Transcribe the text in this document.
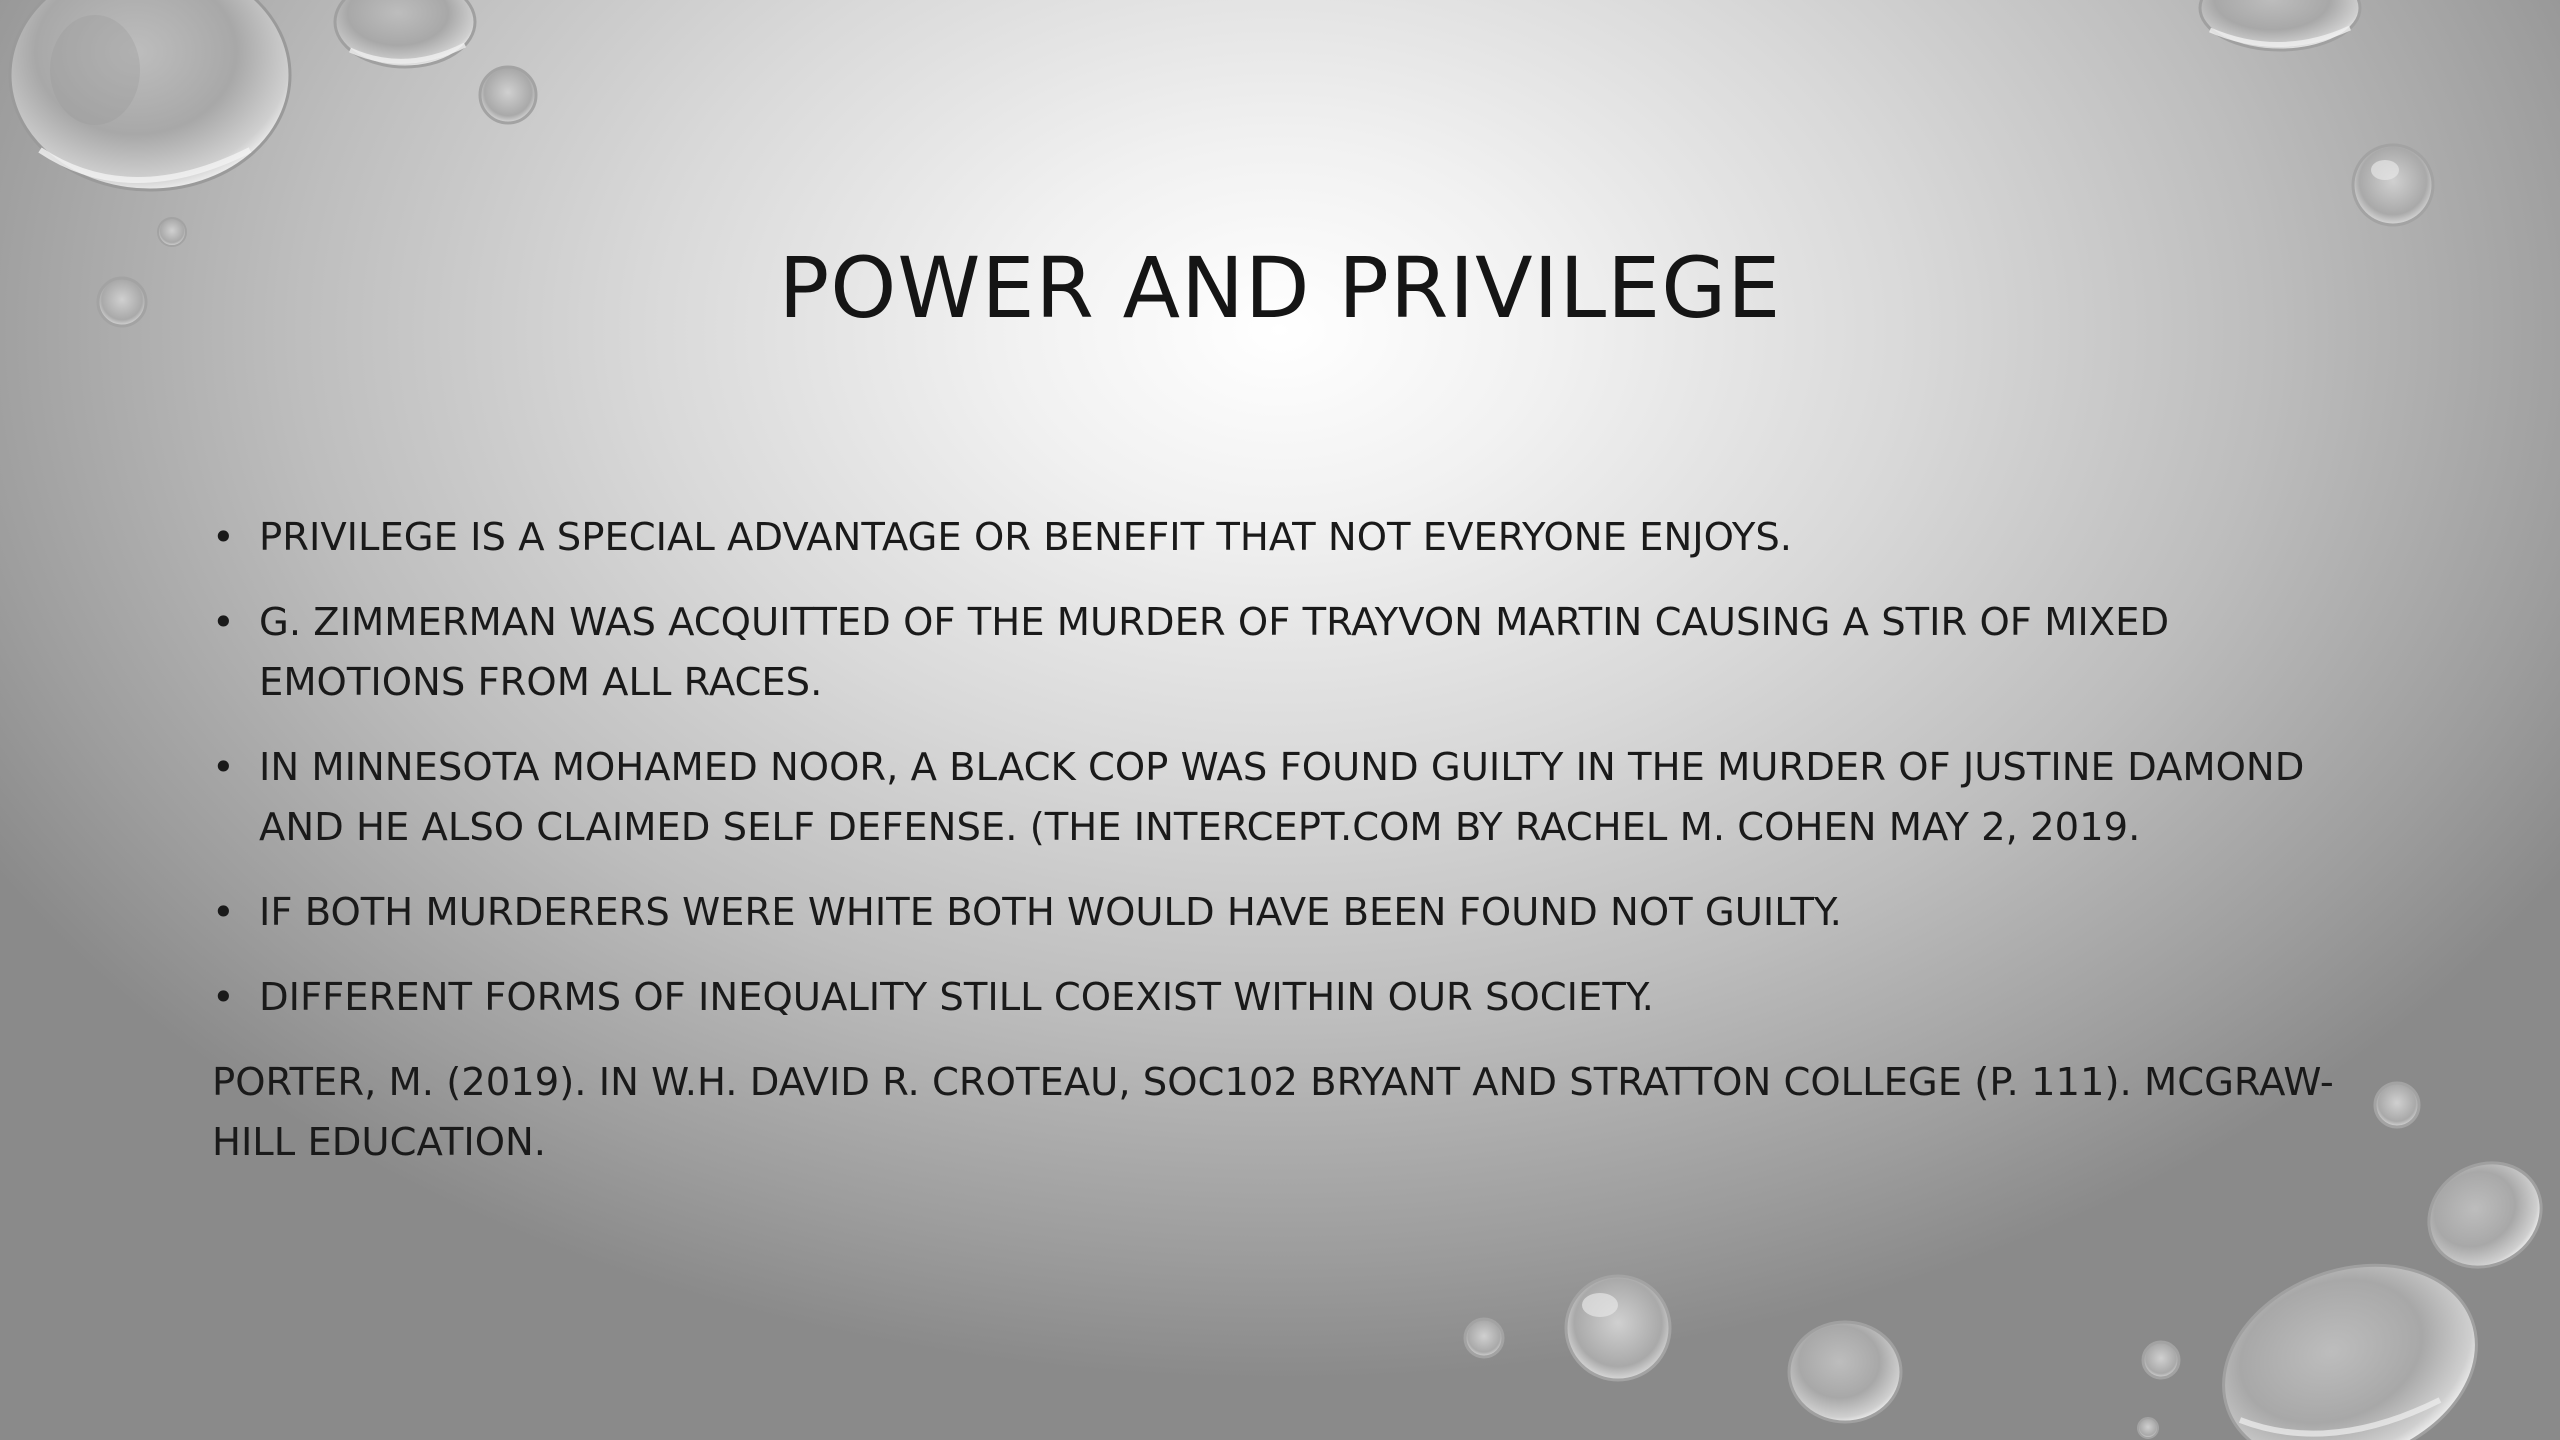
POWER AND PRIVILEGE
• PRIVILEGE IS A SPECIAL ADVANTAGE OR BENEFIT THAT NOT EVERYONE ENJOYS.
• G. ZIMMERMAN WAS ACQUITTED OF THE MURDER OF TRAYVON MARTIN CAUSING A STIR OF MIXED EMOTIONS FROM ALL RACES.
• IN MINNESOTA MOHAMED NOOR, A BLACK COP WAS FOUND GUILTY IN THE MURDER OF JUSTINE DAMOND AND HE ALSO CLAIMED SELF DEFENSE. (THE INTERCEPT.COM BY RACHEL M. COHEN MAY 2, 2019.
• IF BOTH MURDERERS WERE WHITE BOTH WOULD HAVE BEEN FOUND NOT GUILTY.
• DIFFERENT FORMS OF INEQUALITY STILL COEXIST WITHIN OUR SOCIETY.

PORTER, M. (2019). IN W.H. DAVID R. CROTEAU, SOC102 BRYANT AND STRATTON COLLEGE (P. 111). MCGRAW-HILL EDUCATION.
